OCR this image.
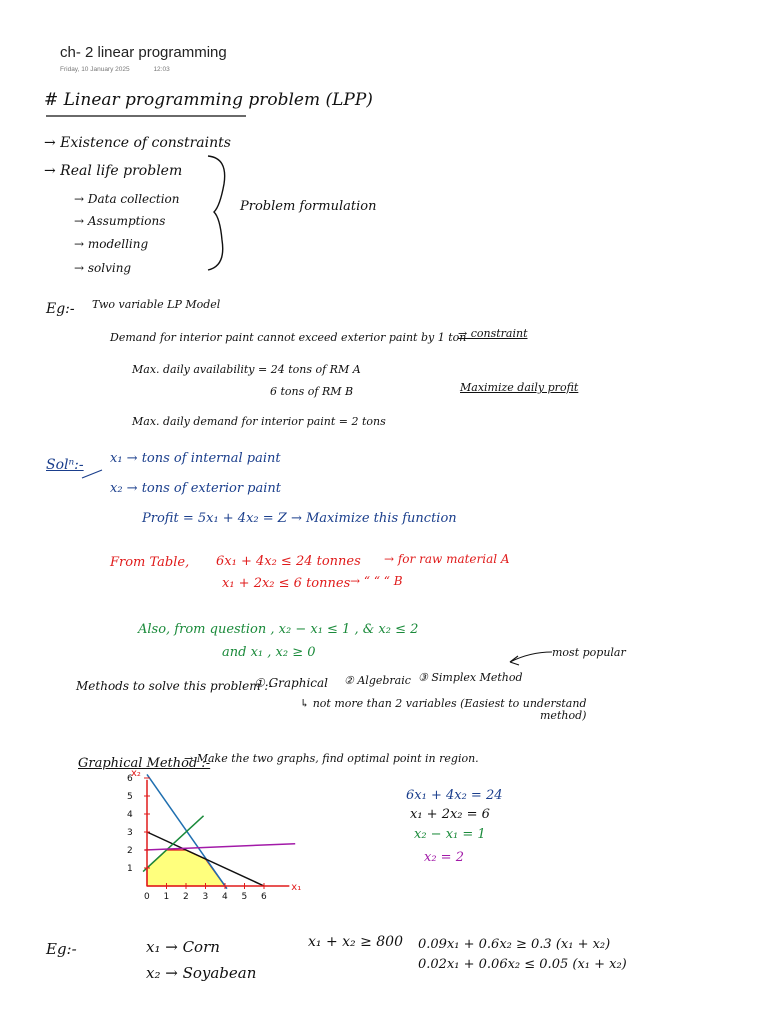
ch- 2 linear programming
Friday, 10 January 2025	12:03
# Linear programming problem (LPP)
→ Existence of constraints
→ Real life problem
→ Data collection
→ Assumptions
→ modelling
→ solving
Problem formulation
Eg:- Two variable LP Model
Demand for interior paint cannot exceed exterior paint by 1 ton
→ constraint
Max. daily availability = 24 tons of RM A
6 tons of RM B	Maximize daily profit
Max. daily demand for interior paint = 2 tons
Solⁿ:- x₁ → tons of internal paint
x₂ → tons of exterior paint
Profit = 5x₁ + 4x₂ = Z → Maximize this function
From Table, 6x₁ + 4x₂ ≤ 24 tonnes → for raw material A
x₁ + 2x₂ ≤ 6 tonnes → “ “ “ B
Also, from question , x₂ − x₁ ≤ 1 , & x₂ ≤ 2
and x₁ , x₂ ≥ 0
Methods to solve this problem :-
① Graphical ② Algebraic ③ Simplex Method
most popular
↳ not more than 2 variables (Easiest to understand
method)
Graphical Method :-
→ Make the two graphs, find optimal point in region.
6x₁ + 4x₂ = 24
x₁ + 2x₂ = 6
x₂ − x₁ = 1
x₂ = 2
Eg:-	x₁ → Corn
x₂ → Soyabean
x₁ + x₂ ≥ 800 0.09x₁ + 0.6x₂ ≥ 0.3 (x₁ + x₂)
0.02x₁ + 0.06x₂ ≤ 0.05 (x₁ + x₂)
0 1 2 3 4 5 6
1
2
3
4
5
6
x₁
x₂
